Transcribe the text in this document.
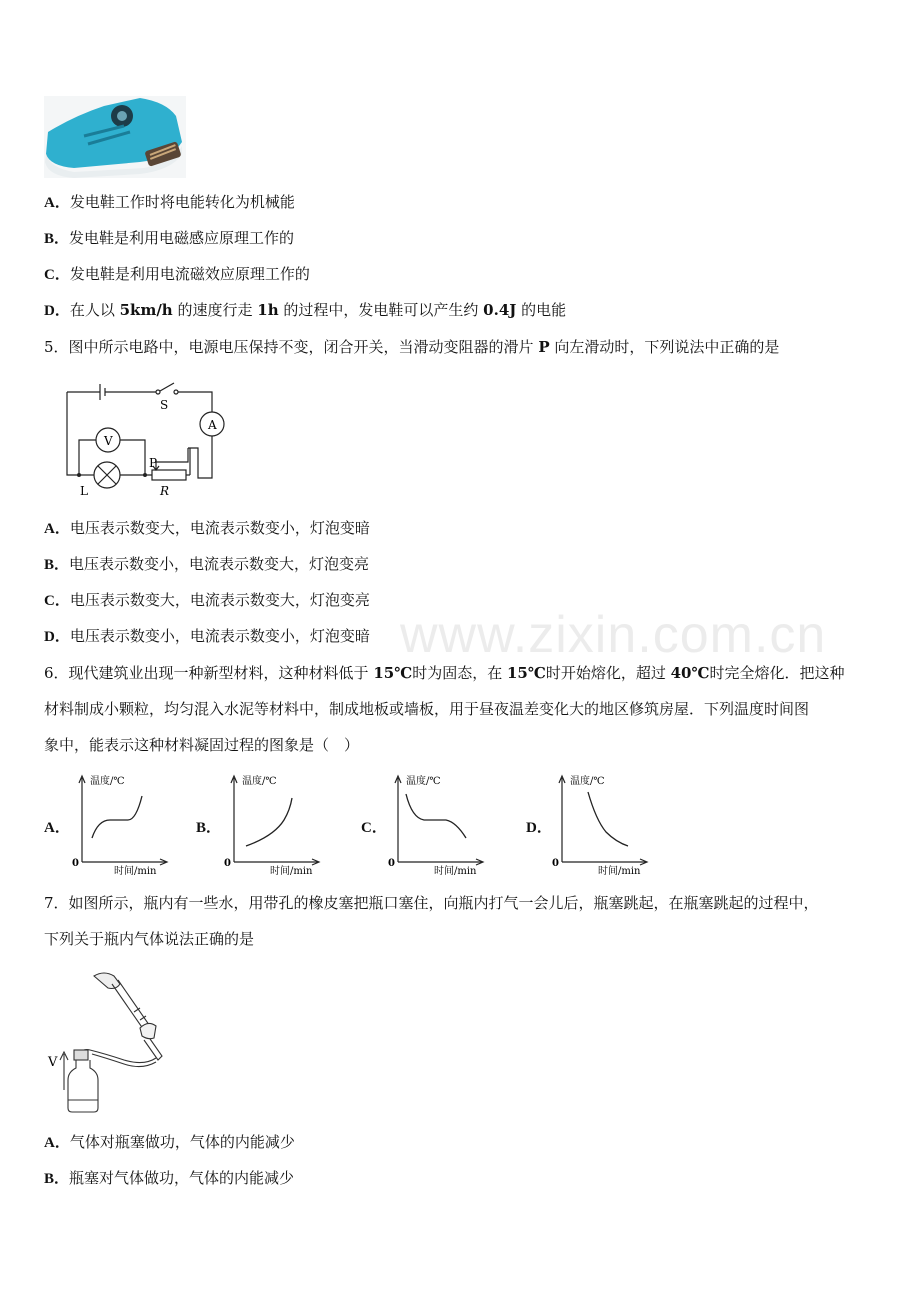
A．发电鞋工作时将电能转化为机械能
B．发电鞋是利用电磁感应原理工作的
C．发电鞋是利用电流磁效应原理工作的
D．在人以 5km/h 的速度行走 1h 的过程中，发电鞋可以产生约 0.4J 的电能
5．图中所示电路中，电源电压保持不变，闭合开关，当滑动变阻器的滑片 P 向左滑动时，下列说法中正确的是
S
A
V
P
L	R
A．电压表示数变大，电流表示数变小，灯泡变暗
B．电压表示数变小，电流表示数变大，灯泡变亮
C．电压表示数变大，电流表示数变大，灯泡变亮
D．电压表示数变小，电流表示数变小，灯泡变暗 www.zixin.com.cn
6．现代建筑业出现一种新型材料，这种材料低于 15℃时为固态，在 15℃时开始熔化，超过 40℃时完全熔化．把这种
材料制成小颗粒，均匀混入水泥等材料中，制成地板或墙板，用于昼夜温差变化大的地区修筑房屋．下列温度时间图
象中，能表示这种材料凝固过程的图象是（　）
A．	B．	C．	D．
温度/℃
时间/min
0
温度/℃
时间/min
0
温度/℃
时间/min
0
温度/℃
时间/min
0
7．如图所示，瓶内有一些水，用带孔的橡皮塞把瓶口塞住，向瓶内打气一会儿后，瓶塞跳起，在瓶塞跳起的过程中，
下列关于瓶内气体说法正确的是
V
A．气体对瓶塞做功，气体的内能减少
B．瓶塞对气体做功，气体的内能减少
